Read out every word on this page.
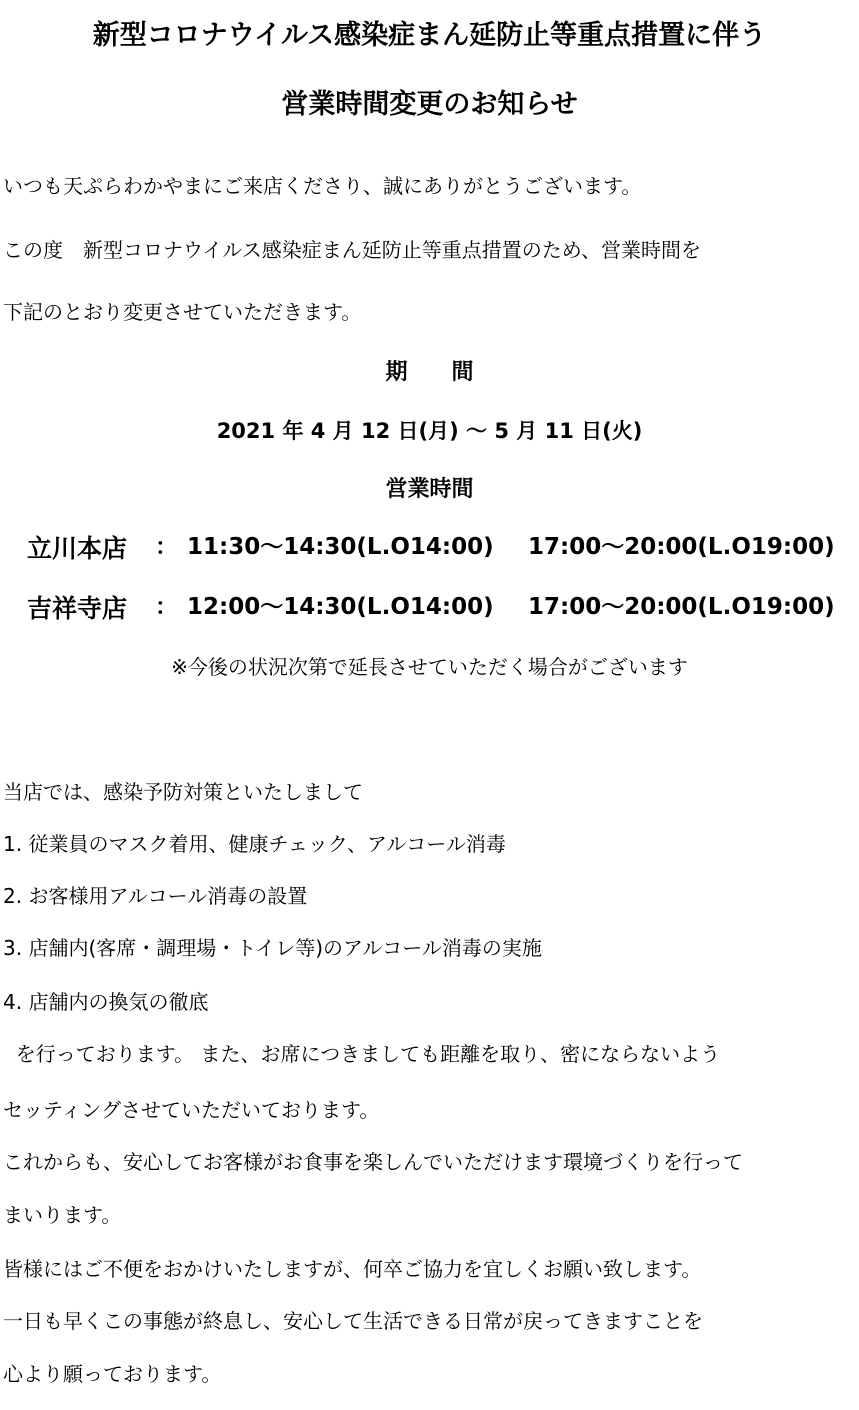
新型コロナウイルス感染症まん延防止等重点措置に伴う
営業時間変更のお知らせ
いつも天ぷらわかやまにご来店くださり、誠にありがとうございます。
この度　新型コロナウイルス感染症まん延防止等重点措置のため、営業時間を
下記のとおり変更させていただきます。
期　　間
2021 年 4 月 12 日(月) 〜 5 月 11 日(火)
営業時間
立川本店 ： 11:30〜14:30(L.O14:00) 17:00〜20:00(L.O19:00)
吉祥寺店 ： 12:00〜14:30(L.O14:00) 17:00〜20:00(L.O19:00)
※今後の状況次第で延長させていただく場合がございます
当店では、感染予防対策といたしまして
1. 従業員のマスク着用、健康チェック、アルコール消毒
2. お客様用アルコール消毒の設置
3. 店舗内(客席・調理場・トイレ等)のアルコール消毒の実施
4. 店舗内の換気の徹底
を行っております。 また、お席につきましても距離を取り、密にならないよう
セッティングさせていただいております。
これからも、安心してお客様がお食事を楽しんでいただけます環境づくりを行って
まいります。
皆様にはご不便をおかけいたしますが、何卒ご協力を宜しくお願い致します。
一日も早くこの事態が終息し、安心して生活できる日常が戻ってきますことを
心より願っております。
